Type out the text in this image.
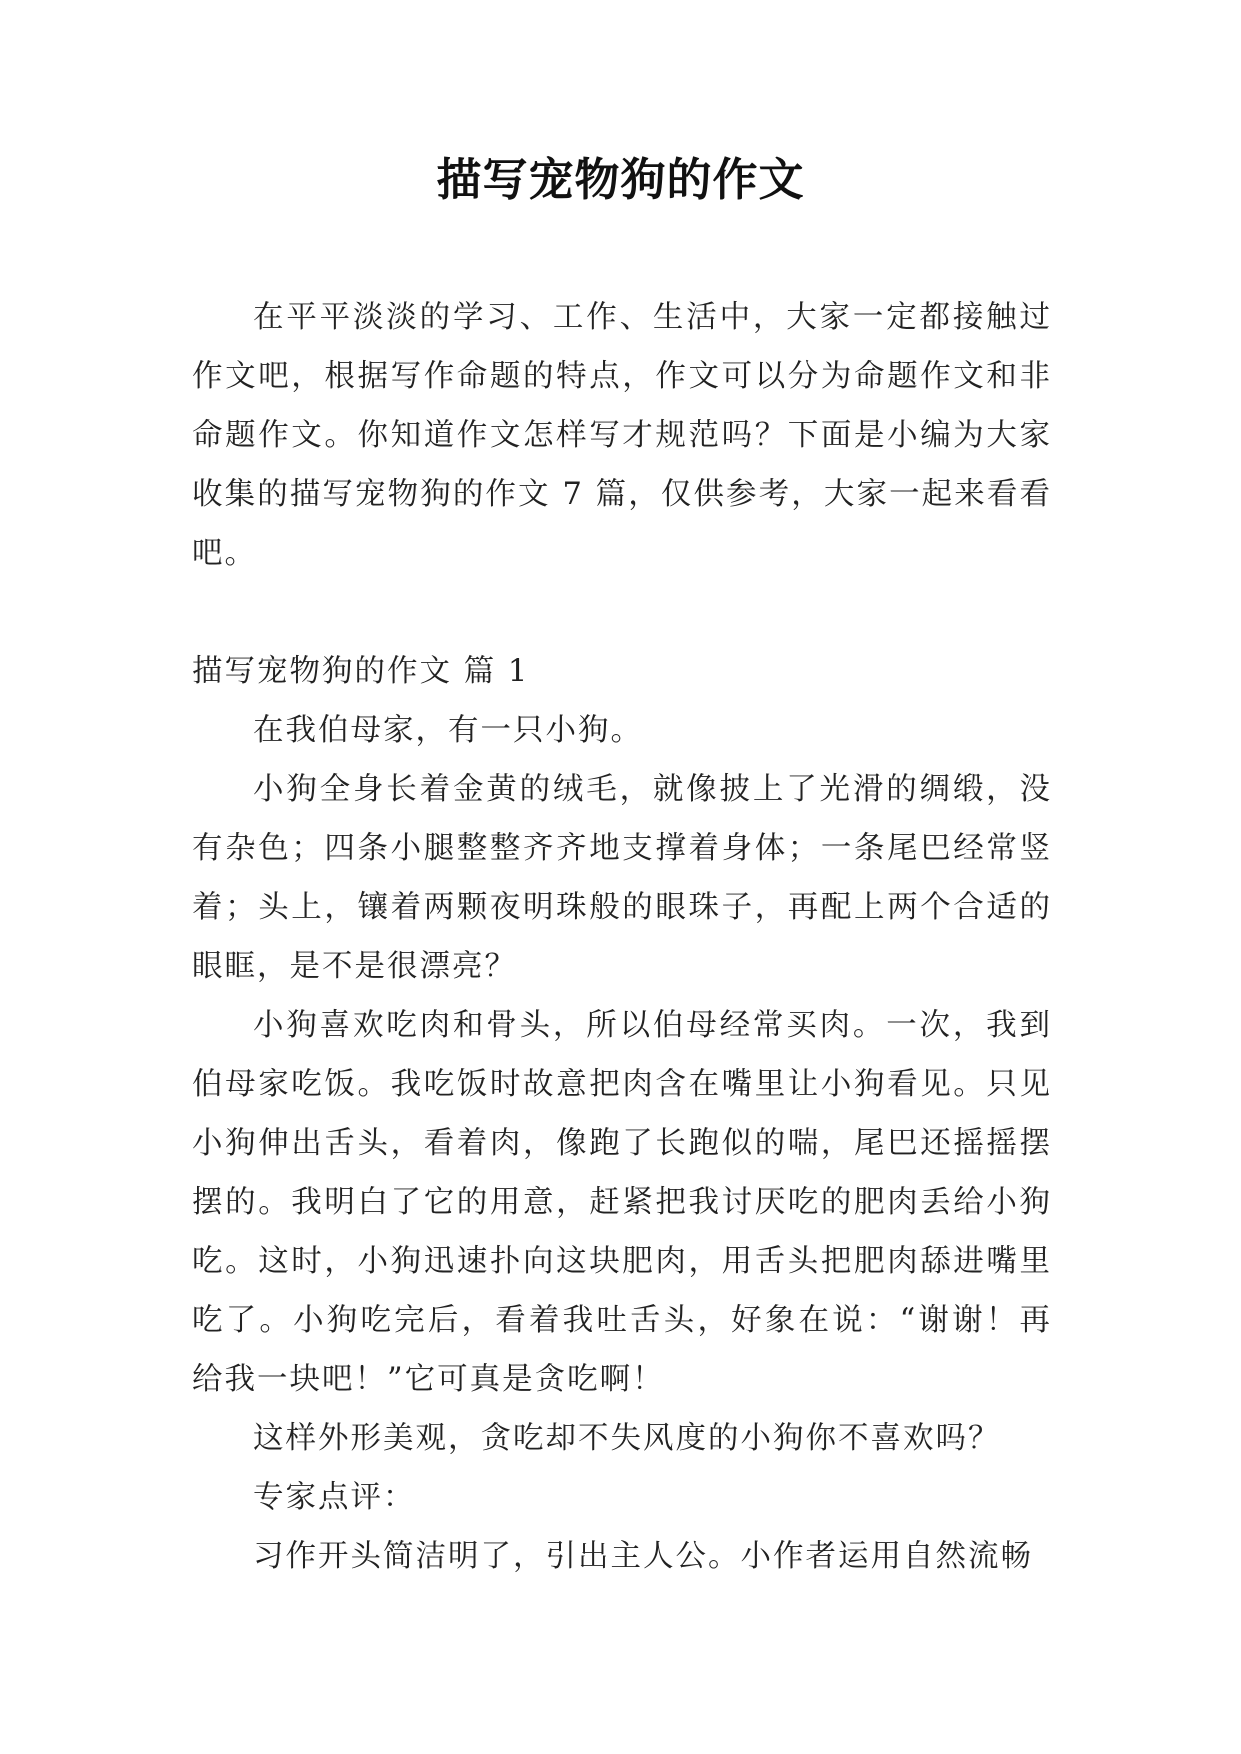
描写宠物狗的作文

在平平淡淡的学习、工作、生活中，大家一定都接触过作文吧，根据写作命题的特点，作文可以分为命题作文和非命题作文。你知道作文怎样写才规范吗？下面是小编为大家收集的描写宠物狗的作文 7 篇，仅供参考，大家一起来看看吧。

描写宠物狗的作文 篇 1

在我伯母家，有一只小狗。

小狗全身长着金黄的绒毛，就像披上了光滑的绸缎，没有杂色；四条小腿整整齐齐地支撑着身体；一条尾巴经常竖着；头上，镶着两颗夜明珠般的眼珠子，再配上两个合适的眼眶，是不是很漂亮？

小狗喜欢吃肉和骨头，所以伯母经常买肉。一次，我到伯母家吃饭。我吃饭时故意把肉含在嘴里让小狗看见。只见小狗伸出舌头，看着肉，像跑了长跑似的喘，尾巴还摇摇摆摆的。我明白了它的用意，赶紧把我讨厌吃的肥肉丢给小狗吃。这时，小狗迅速扑向这块肥肉，用舌头把肥肉舔进嘴里吃了。小狗吃完后，看着我吐舌头，好象在说：“谢谢！再给我一块吧！”它可真是贪吃啊！

这样外形美观，贪吃却不失风度的小狗你不喜欢吗？

专家点评：

习作开头简洁明了，引出主人公。小作者运用自然流畅
